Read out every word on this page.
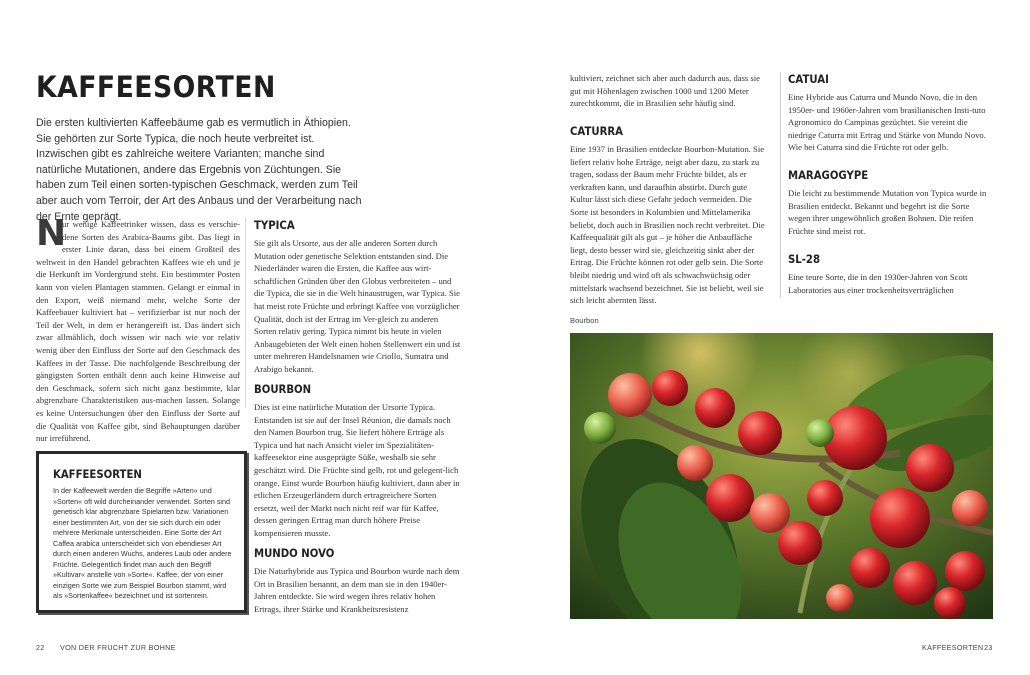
KAFFEESORTEN
Die ersten kultivierten Kaffeebäume gab es vermutlich in Äthiopien. Sie gehörten zur Sorte Typica, die noch heute verbreitet ist. Inzwischen gibt es zahlreiche weitere Varianten; manche sind natürliche Mutationen, andere das Ergebnis von Züchtungen. Sie haben zum Teil einen sorten-typischen Geschmack, werden zum Teil aber auch vom Terroir, der Art des Anbaus und der Verarbeitung nach der Ernte geprägt.
N
ur wenige Kaffeetrinker wissen, dass es verschie-dene Sorten des Arabica-Baums gibt. Das liegt in erster Linie daran, dass bei einem Großteil des weltweit in den Handel gebrachten Kaffees wie eh und je die Herkunft im Vordergrund steht. Ein bestimmter Posten kann von vielen Plantagen stammen. Gelangt er einmal in den Export, weiß niemand mehr, welche Sorte der Kaffeebauer kultiviert hat – verifizierbar ist nur noch der Teil der Welt, in dem er herangereift ist. Das ändert sich zwar allmählich, doch wissen wir nach wie vor relativ wenig über den Einfluss der Sorte auf den Geschmack des Kaffees in der Tasse. Die nachfolgende Beschreibung der gängigsten Sorten enthält denn auch keine Hinweise auf den Geschmack, sofern sich nicht ganz bestimmte, klar abgrenzbare Charakteristiken aus-machen lassen. Solange es keine Untersuchungen über den Einfluss der Sorte auf die Qualität von Kaffee gibt, sind Behauptungen darüber nur irreführend.
KAFFEESORTEN
In der Kaffeewelt werden die Begriffe »Arten« und »Sorten« oft wild durcheinander verwendet. Sorten sind genetisch klar abgrenzbare Spielarten bzw. Variationen einer bestimmten Art, von der sie sich durch ein oder mehrere Merkmale unterscheiden. Eine Sorte der Art Caffea arabica unterscheidet sich von ebendieser Art durch einen anderen Wuchs, anderes Laub oder andere Früchte. Gelegentlich findet man auch den Begriff »Kultivar« anstelle von »Sorte«. Kaffee, der von einer einzigen Sorte wie zum Beispiel Bourbon stammt, wird als »Sortenkaffee« bezeichnet und ist sortenrein.
TYPICA
Sie gilt als Ursorte, aus der alle anderen Sorten durch Mutation oder genetische Selektion entstanden sind. Die Niederländer waren die Ersten, die Kaffee aus wirt-schaftlichen Gründen über den Globus verbreiteten – und die Typica, die sie in die Welt hinaustrugen, war Typica. Sie hat meist rote Früchte und erbringt Kaffee von vorzüglicher Qualität, doch ist der Ertrag im Ver-gleich zu anderen Sorten relativ gering. Typica nimmt bis heute in vielen Anbaugebieten der Welt einen hohen Stellenwert ein und ist unter mehreren Handelsnamen wie Criollo, Sumatra und Arabigo bekannt.
BOURBON
Dies ist eine natürliche Mutation der Ursorte Typica. Entstanden ist sie auf der Insel Réunion, die damals noch den Namen Bourbon trug. Sie liefert höhere Erträge als Typica und hat nach Ansicht vieler im Spezialitäten-kaffeesektor eine ausgeprägte Süße, weshalb sie sehr geschätzt wird. Die Früchte sind gelb, rot und gelegent-lich orange. Einst wurde Bourbon häufig kultiviert, dann aber in etlichen Erzeugerländern durch ertragreichere Sorten ersetzt, weil der Markt noch nicht reif war für Kaffee, dessen geringen Ertrag man durch höhere Preise kompensieren musste.
MUNDO NOVO
Die Naturhybride aus Typica und Bourbon wurde nach dem Ort in Brasilien benannt, an dem man sie in den 1940er-Jahren entdeckte. Sie wird wegen ihres relativ hohen Ertrags, ihrer Stärke und Krankheitsresistenz
kultiviert, zeichnet sich aber auch dadurch aus, dass sie gut mit Höhenlagen zwischen 1000 und 1200 Meter zurechtkommt, die in Brasilien sehr häufig sind.
CATURRA
Eine 1937 in Brasilien entdeckte Bourbon-Mutation. Sie liefert relativ hohe Erträge, neigt aber dazu, zu stark zu tragen, sodass der Baum mehr Früchte bildet, als er verkraften kann, und daraufhin abstirbt. Durch gute Kultur lässt sich diese Gefahr jedoch vermeiden. Die Sorte ist besonders in Kolumbien und Mittelamerika beliebt, doch auch in Brasilien noch recht verbreitet. Die Kaffeequalität gilt als gut – je höher die Anbaufläche liegt, desto besser wird sie, gleichzeitig sinkt aber der Ertrag. Die Früchte können rot oder gelb sein. Die Sorte bleibt niedrig und wird oft als schwachwüchsig oder mittelstark wachsend bezeichnet. Sie ist beliebt, weil sie sich leicht abernten lässt.
CATUAI
Eine Hybride aus Caturra und Mundo Novo, die in den 1950er- und 1960er-Jahren vom brasilianischen Insti-tuto Agronomico do Campinas gezüchtet. Sie vereint die niedrige Caturra mit Ertrag und Stärke von Mundo Novo. Wie bei Caturra sind die Früchte rot oder gelb.
MARAGOGYPE
Die leicht zu bestimmende Mutation von Typica wurde in Brasilien entdeckt. Bekannt und begehrt ist die Sorte wegen ihrer ungewöhnlich großen Bohnen. Die reifen Früchte sind meist rot.
SL-28
Eine teure Sorte, die in den 1930er-Jahren von Scott Laboratories aus einer trockenheitsverträglichen
Bourbon
22 VON DER FRUCHT ZUR BOHNE	KAFFEESORTEN 23
